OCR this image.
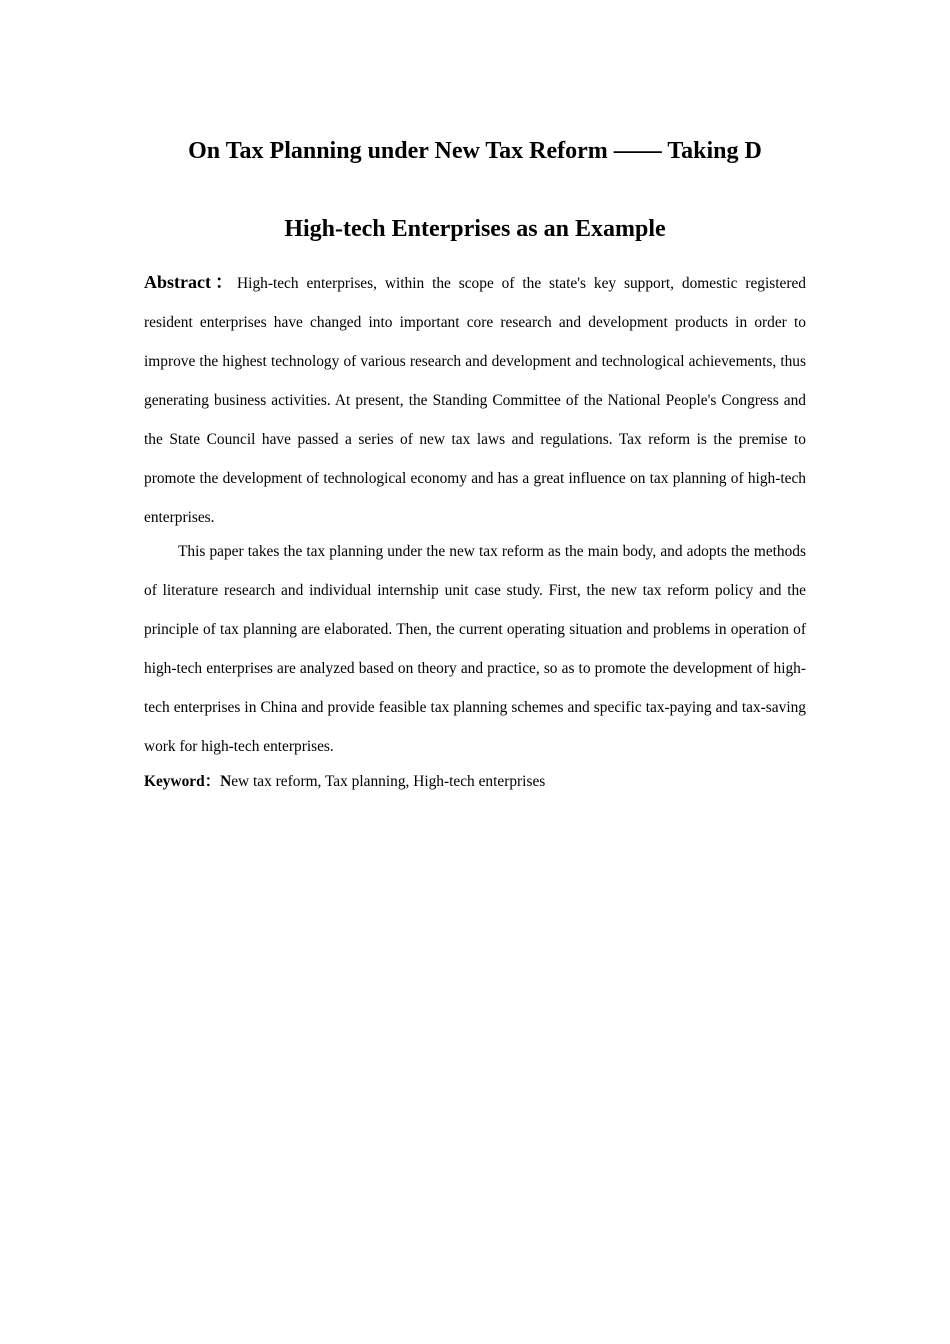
On Tax Planning under New Tax Reform —— Taking D
High-tech Enterprises as an Example
Abstract：High-tech enterprises, within the scope of the state's key support, domestic registered resident enterprises have changed into important core research and development products in order to improve the highest technology of various research and development and technological achievements, thus generating business activities. At present, the Standing Committee of the National People's Congress and the State Council have passed a series of new tax laws and regulations. Tax reform is the premise to promote the development of technological economy and has a great influence on tax planning of high-tech enterprises.
This paper takes the tax planning under the new tax reform as the main body, and adopts the methods of literature research and individual internship unit case study. First, the new tax reform policy and the principle of tax planning are elaborated. Then, the current operating situation and problems in operation of high-tech enterprises are analyzed based on theory and practice, so as to promote the development of high-tech enterprises in China and provide feasible tax planning schemes and specific tax-paying and tax-saving work for high-tech enterprises.
Keyword：New tax reform, Tax planning, High-tech enterprises
